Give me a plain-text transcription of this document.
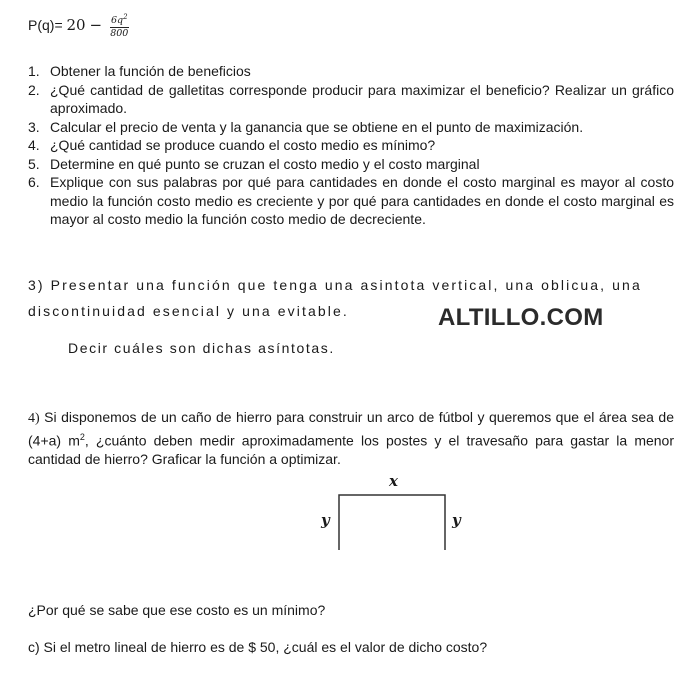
$P(q)= 20 - \frac{6q^2}{800}$
1. Obtener la función de beneficios
2. ¿Qué cantidad de galletitas corresponde producir para maximizar el beneficio? Realizar un gráfico aproximado.
3. Calcular el precio de venta y la ganancia que se obtiene en el punto de maximización.
4. ¿Qué cantidad se produce cuando el costo medio es mínimo?
5. Determine en qué punto se cruzan el costo medio y el costo marginal
6. Explique con sus palabras por qué para cantidades en donde el costo marginal es mayor al costo medio la función costo medio es creciente y por qué para cantidades en donde el costo marginal es mayor al costo medio la función costo medio de decreciente.
3) Presentar una función que tenga una asintota vertical, una oblicua, una
discontinuidad esencial y una evitable.	ALTILLO.COM
Decir cuáles son dichas asíntotas.
4) Si disponemos de un caño de hierro para construir un arco de fútbol y queremos que el área sea de (4+a) $m^2$, ¿cuánto deben medir aproximadamente los postes y el travesaño para gastar la menor cantidad de hierro? Graficar la función a optimizar.
x
y	y
¿Por qué se sabe que ese costo es un mínimo?
c) Si el metro lineal de hierro es de $ 50, ¿cuál es el valor de dicho costo?
